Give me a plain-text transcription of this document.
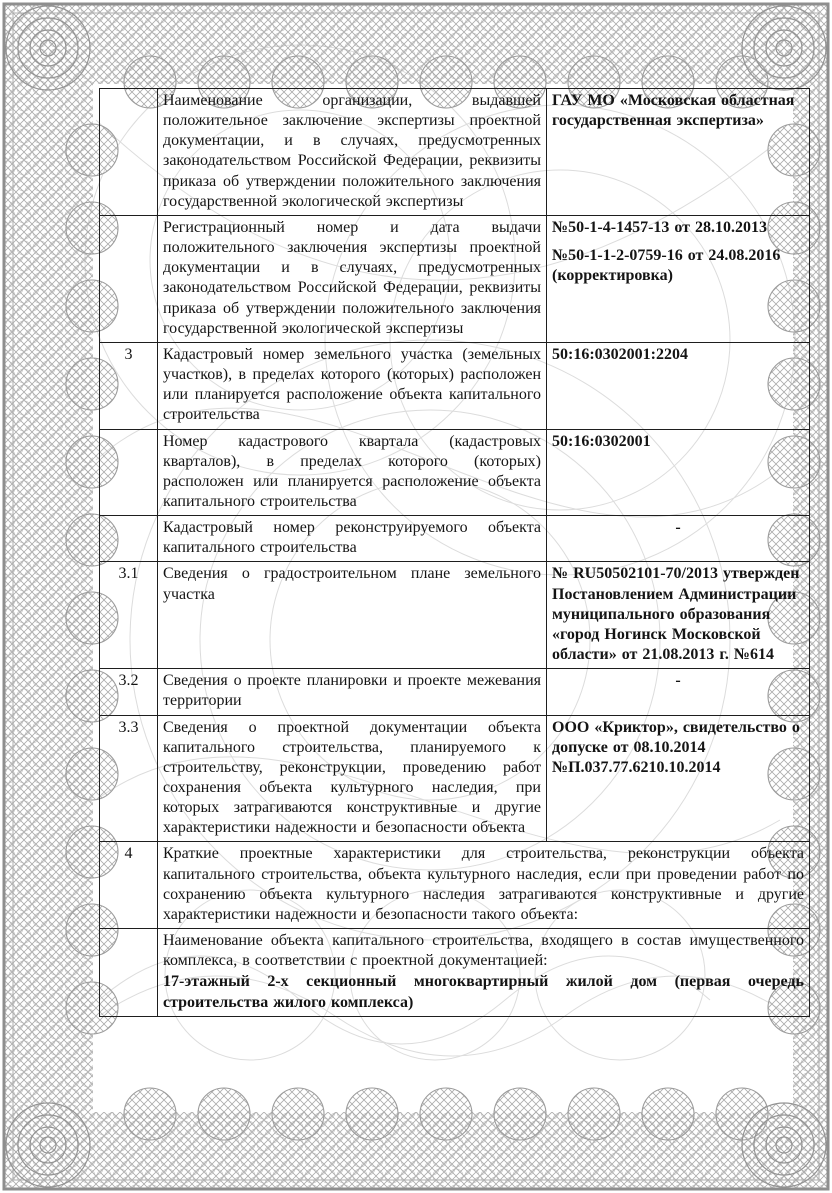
	Наименование организации, выдавшей положительное заключение экспертизы проектной документации, и в случаях, предусмотренных законодательством Российской Федерации, реквизиты приказа об утверждении положительного заключения государственной экологической экспертизы	ГАУ МО «Московская областная государственная экспертиза»
	Регистрационный номер и дата выдачи положительного заключения экспертизы проектной документации и в случаях, предусмотренных законодательством Российской Федерации, реквизиты приказа об утверждении положительного заключения государственной экологической экспертизы	№50-1-4-1457-13 от 28.10.2013
№50-1-1-2-0759-16 от 24.08.2016 (корректировка)

3	Кадастровый номер земельного участка (земельных участков), в пределах которого (которых) расположен или планируется расположение объекта капитального строительства	50:16:0302001:2204
	Номер кадастрового квартала (кадастровых кварталов), в пределах которого (которых) расположен или планируется расположение объекта капитального строительства	50:16:0302001
	Кадастровый номер реконструируемого объекта капитального строительства	-
3.1	Сведения о градостроительном плане земельного участка	№ RU50502101-70/2013 утвержден Постановлением Администрации муниципального образования «город Ногинск Московской области» от 21.08.2013 г. №614
3.2	Сведения о проекте планировки и проекте межевания территории	-
3.3	Сведения о проектной документации объекта капитального строительства, планируемого к строительству, реконструкции, проведению работ сохранения объекта культурного наследия, при которых затрагиваются конструктивные и другие характеристики надежности и безопасности объекта	ООО «Криктор», свидетельство о допуске от 08.10.2014 №П.037.77.6210.10.2014
4	Краткие проектные характеристики для строительства, реконструкции объекта капитального строительства, объекта культурного наследия, если при проведении работ по сохранению объекта культурного наследия затрагиваются конструктивные и другие характеристики надежности и безопасности такого объекта:	

	Наименование объекта капитального строительства, входящего в состав имущественного комплекса, в соответствии с проектной документацией:
17-этажный 2-х секционный многоквартирный жилой дом (первая очередь строительства жилого комплекса)	
